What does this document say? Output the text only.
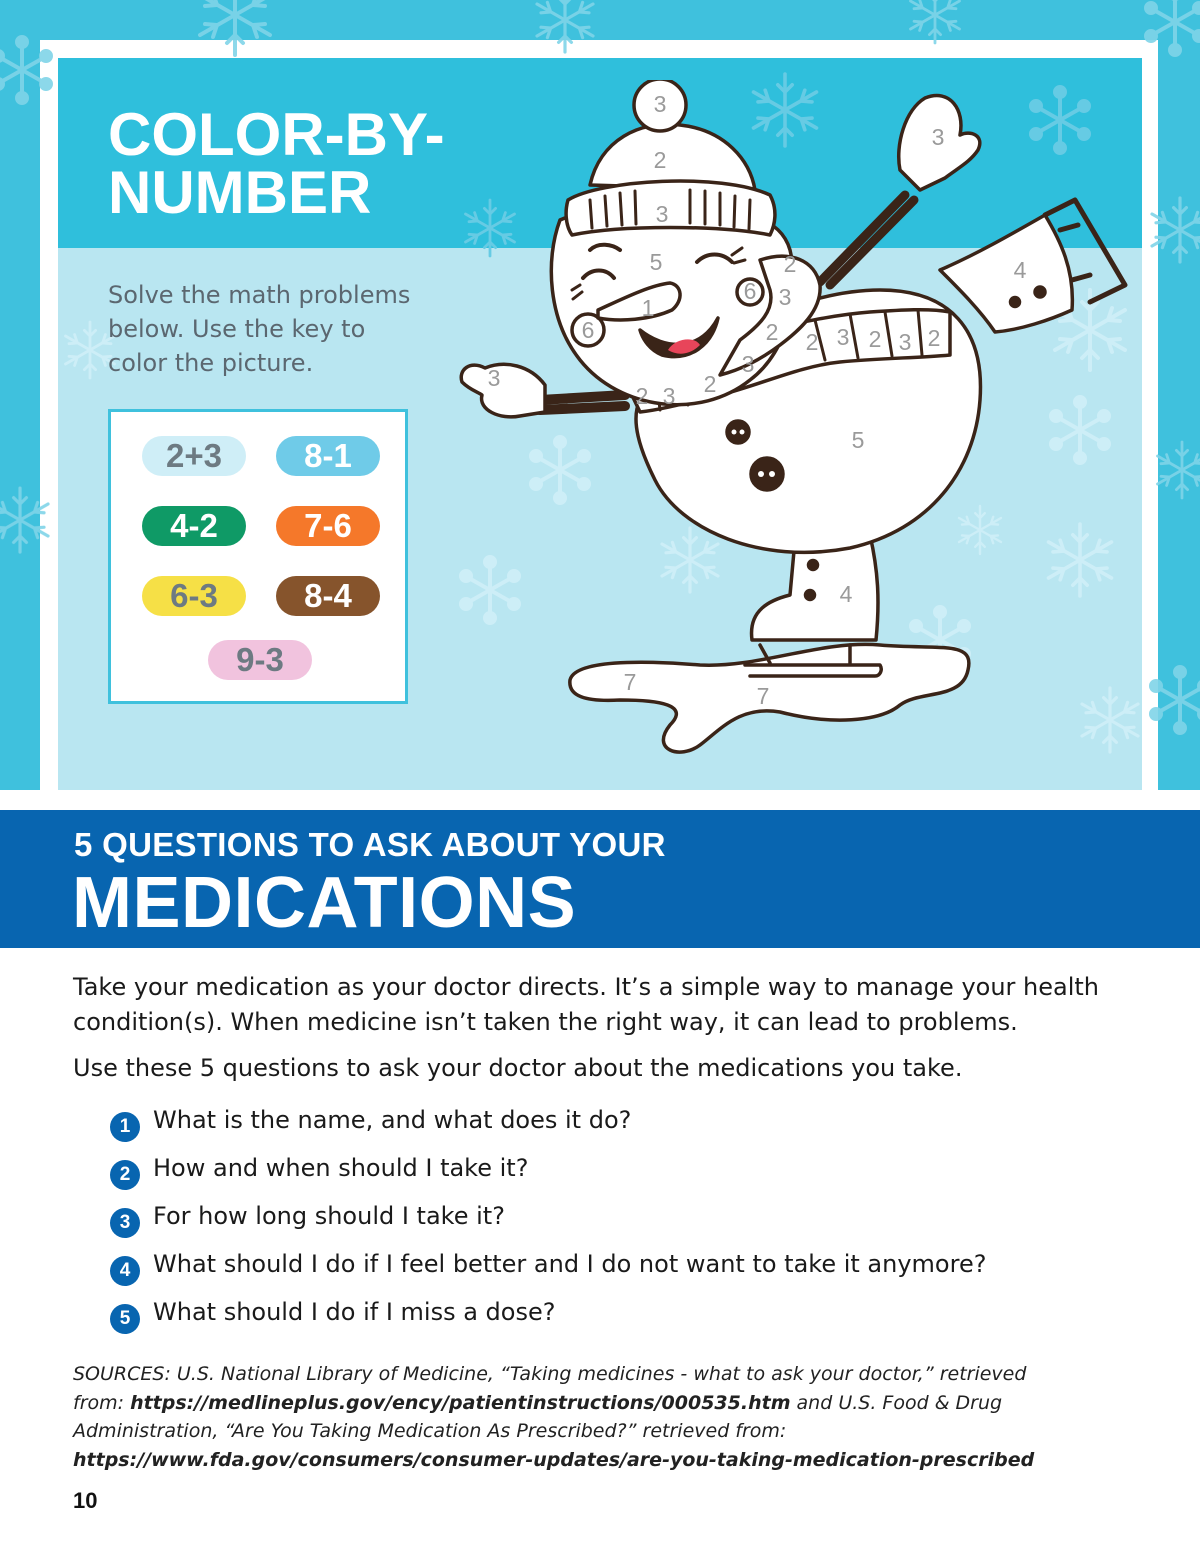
COLOR-BY-NUMBER

Solve the math problems below. Use the key to color the picture.

2+3	8-1
4-2	7-6
6-3	8-4
9-3
3
2
3
5
6
6
1
3
3
2
3
2
3
2
2 3
2 3 2 3 2
5
4
4
7
7
5 QUESTIONS TO ASK ABOUT YOUR
MEDICATIONS

Take your medication as your doctor directs. It’s a simple way to manage your health condition(s). When medicine isn’t taken the right way, it can lead to problems.

Use these 5 questions to ask your doctor about the medications you take.

1 What is the name, and what does it do?
2 How and when should I take it?
3 For how long should I take it?
4 What should I do if I feel better and I do not want to take it anymore?
5 What should I do if I miss a dose?

SOURCES: U.S. National Library of Medicine, “Taking medicines - what to ask your doctor,” retrieved from: https://medlineplus.gov/ency/patientinstructions/000535.htm and U.S. Food & Drug Administration, “Are You Taking Medication As Prescribed?” retrieved from: https://www.fda.gov/consumers/consumer-updates/are-you-taking-medication-prescribed

10
